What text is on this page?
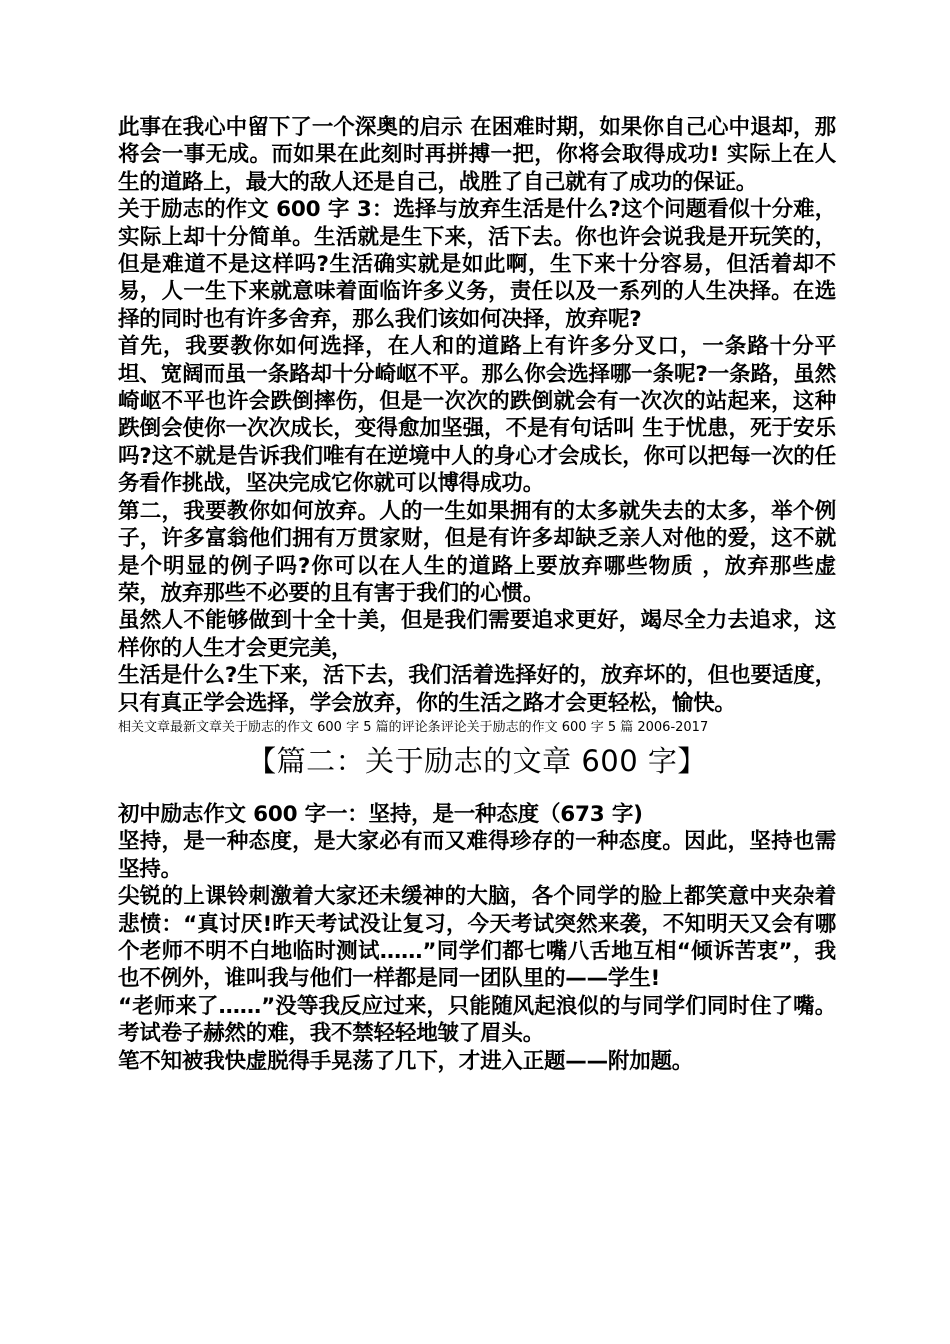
此事在我心中留下了一个深奥的启示 在困难时期，如果你自己心中退却，那将会一事无成。而如果在此刻时再拼搏一把，你将会取得成功! 实际上在人生的道路上，最大的敌人还是自己，战胜了自己就有了成功的保证。

关于励志的作文 600 字 3：选择与放弃生活是什么?这个问题看似十分难，实际上却十分简单。生活就是生下来，活下去。你也许会说我是开玩笑的，但是难道不是这样吗?生活确实就是如此啊，生下来十分容易，但活着却不易，人一生下来就意味着面临许多义务，责任以及一系列的人生决择。在选择的同时也有许多舍弃，那么我们该如何决择，放弃呢?

首先，我要教你如何选择，在人和的道路上有许多分叉口，一条路十分平坦、宽阔而虽一条路却十分崎岖不平。那么你会选择哪一条呢?一条路，虽然崎岖不平也许会跌倒摔伤，但是一次次的跌倒就会有一次次的站起来，这种跌倒会使你一次次成长，变得愈加坚强，不是有句话叫 生于忧患，死于安乐 吗?这不就是告诉我们唯有在逆境中人的身心才会成长，你可以把每一次的任务看作挑战，坚决完成它你就可以博得成功。

第二，我要教你如何放弃。人的一生如果拥有的太多就失去的太多，举个例子，许多富翁他们拥有万贯家财，但是有许多却缺乏亲人对他的爱，这不就是个明显的例子吗?你可以在人生的道路上要放弃哪些物质 ，放弃那些虚荣，放弃那些不必要的且有害于我们的心惯。

虽然人不能够做到十全十美，但是我们需要追求更好，竭尽全力去追求，这样你的人生才会更完美，

生活是什么?生下来，活下去，我们活着选择好的，放弃坏的，但也要适度，只有真正学会选择，学会放弃，你的生活之路才会更轻松，愉快。

相关文章最新文章关于励志的作文 600 字 5 篇的评论条评论关于励志的作文 600 字 5 篇 2006-2017

【篇二：关于励志的文章 600 字】

初中励志作文 600 字一：坚持，是一种态度（673 字)

坚持，是一种态度，是大家必有而又难得珍存的一种态度。因此，坚持也需坚持。

尖锐的上课铃刺激着大家还未缓神的大脑，各个同学的脸上都笑意中夹杂着悲愤：“真讨厌!昨天考试没让复习，今天考试突然来袭，不知明天又会有哪个老师不明不白地临时测试……”同学们都七嘴八舌地互相“倾诉苦衷”，我也不例外，谁叫我与他们一样都是同一团队里的——学生!

“老师来了……”没等我反应过来，只能随风起浪似的与同学们同时住了嘴。考试卷子赫然的难，我不禁轻轻地皱了眉头。

笔不知被我快虚脱得手晃荡了几下，才进入正题——附加题。
